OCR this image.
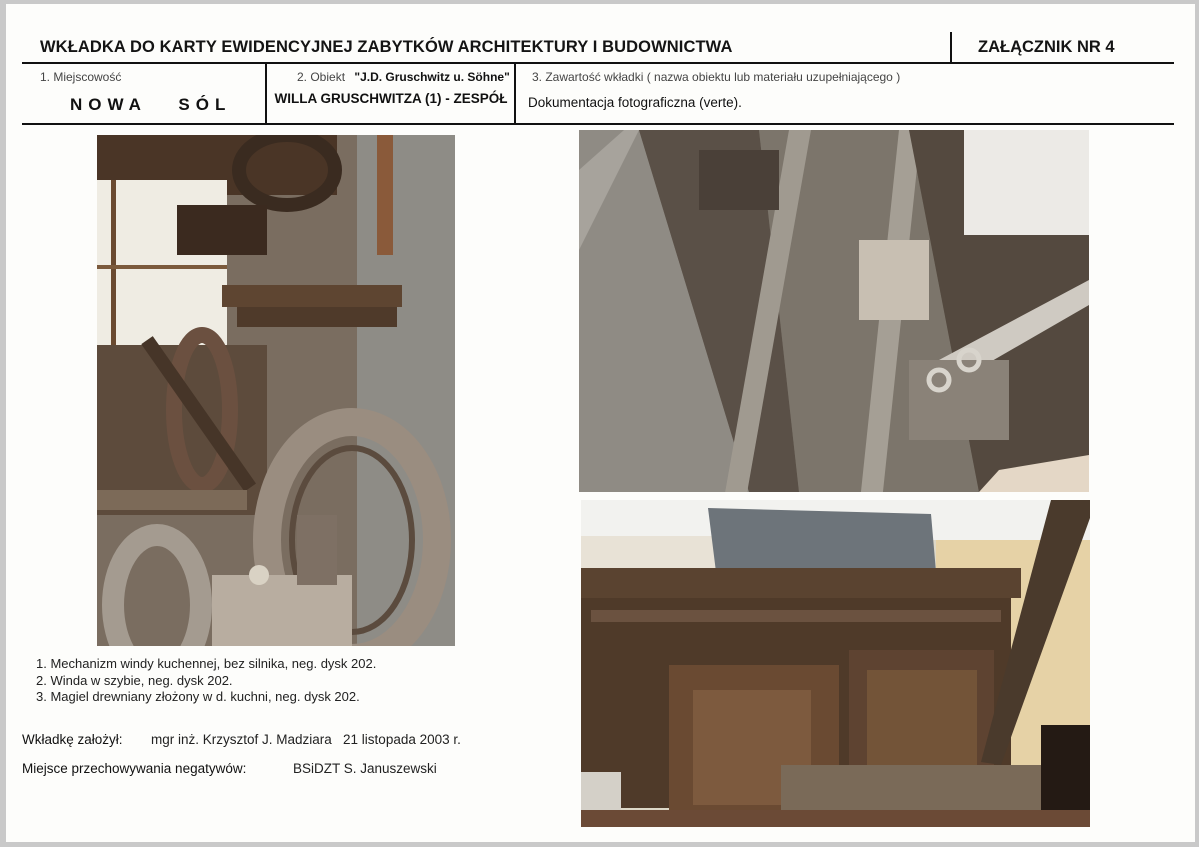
WKŁADKA DO KARTY EWIDENCYJNEJ ZABYTKÓW ARCHITEKTURY I BUDOWNICTWA	ZAŁĄCZNIK NR 4
1. Miejscowość
NOWA   SÓL
2. Obiekt "J.D. Gruschwitz u. Söhne"
WILLA GRUSCHWITZA (1) - ZESPÓŁ
3. Zawartość wkładki ( nazwa obiektu lub materiału uzupełniającego )
Dokumentacja fotograficzna (verte).
1. Mechanizm windy kuchennej, bez silnika, neg. dysk 202.
2. Winda w szybie, neg. dysk 202.
3. Magiel drewniany złożony w d. kuchni, neg. dysk 202.
Wkładkę założył: mgr inż. Krzysztof J. Madziara   21 listopada 2003 r.
Miejsce przechowywania negatywów:	BSiDZT S. Januszewski
